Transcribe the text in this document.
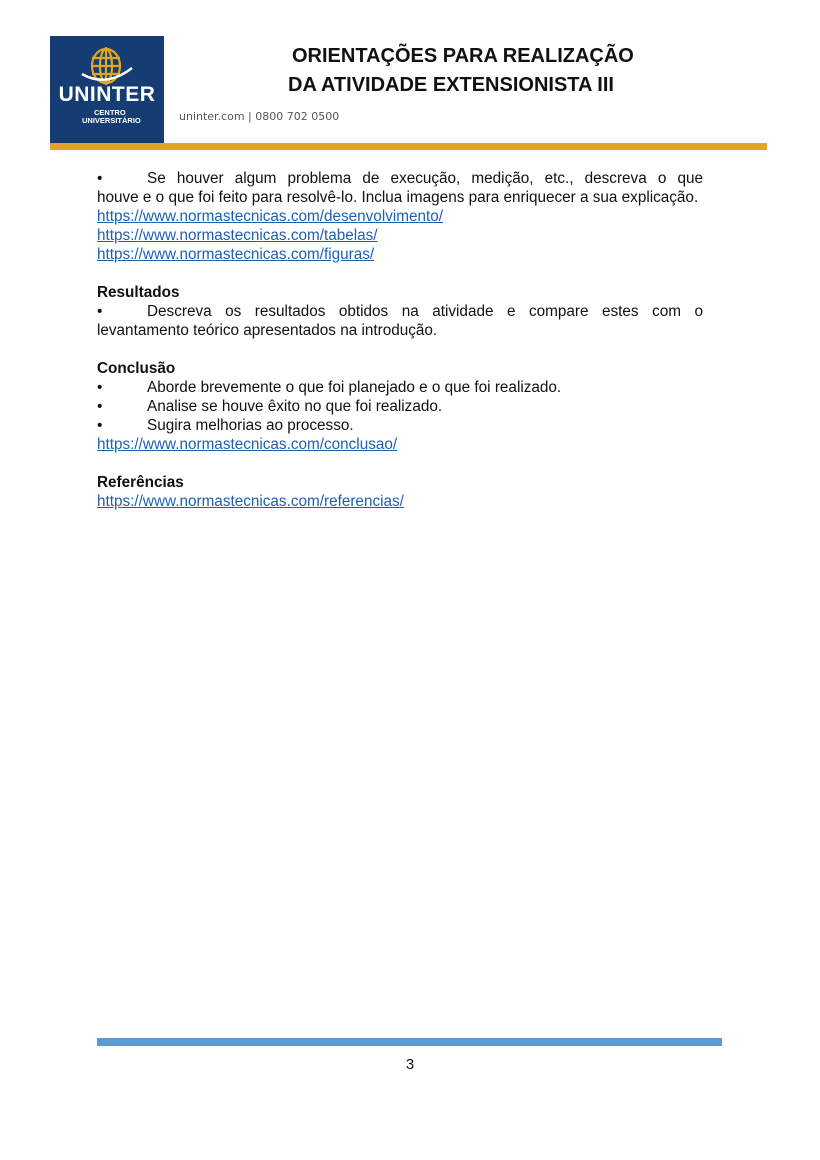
UNINTER
CENTRO
UNIVERSITÁRIO
ORIENTAÇÕES PARA REALIZAÇÃO
DA ATIVIDADE EXTENSIONISTA III
uninter.com | 0800 702 0500
•	Se houver algum problema de execução, medição, etc., descreva o que

houve e o que foi feito para resolvê-lo. Inclua imagens para enriquecer a sua explicação.

https://www.normastecnicas.com/desenvolvimento/
https://www.normastecnicas.com/tabelas/
https://www.normastecnicas.com/figuras/
Resultados
•	Descreva os resultados obtidos na atividade e compare estes com o

levantamento teórico apresentados na introdução.

Conclusão
•	Aborde brevemente o que foi planejado e o que foi realizado.
•	Analise se houve êxito no que foi realizado.
•	Sugira melhorias ao processo.
https://www.normastecnicas.com/conclusao/
Referências
https://www.normastecnicas.com/referencias/
3
